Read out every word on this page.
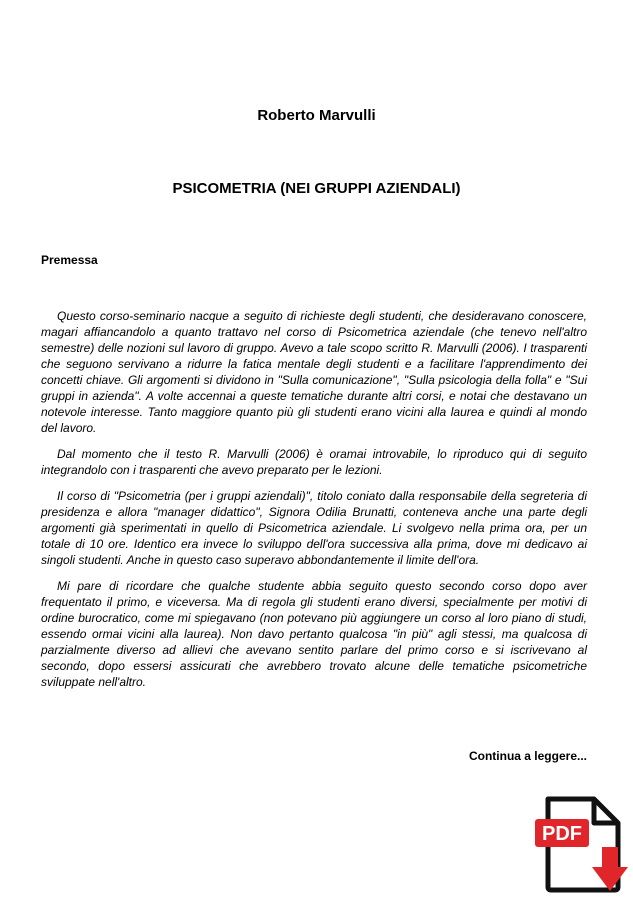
Roberto Marvulli
PSICOMETRIA (NEI GRUPPI AZIENDALI)
Premessa

Questo corso-seminario nacque a seguito di richieste degli studenti, che desideravano conoscere, magari affiancandolo a quanto trattavo nel corso di Psicometrica aziendale (che tenevo nell'altro semestre) delle nozioni sul lavoro di gruppo. Avevo a tale scopo scritto R. Marvulli (2006). I trasparenti che seguono servivano a ridurre la fatica mentale degli studenti e a facilitare l'apprendimento dei concetti chiave. Gli argomenti si dividono in "Sulla comunicazione", "Sulla psicologia della folla" e "Sui gruppi in azienda". A volte accennai a queste tematiche durante altri corsi, e notai che destavano un notevole interesse. Tanto maggiore quanto più gli studenti erano vicini alla laurea e quindi al mondo del lavoro.

Dal momento che il testo R. Marvulli (2006) è oramai introvabile, lo riproduco qui di seguito integrandolo con i trasparenti che avevo preparato per le lezioni.

Il corso di "Psicometria (per i gruppi aziendali)", titolo coniato dalla responsabile della segreteria di presidenza e allora "manager didattico", Signora Odilia Brunatti, conteneva anche una parte degli argomenti già sperimentati in quello di Psicometrica aziendale. Li svolgevo nella prima ora, per un totale di 10 ore. Identico era invece lo sviluppo dell'ora successiva alla prima, dove mi dedicavo ai singoli studenti. Anche in questo caso superavo abbondantemente il limite dell'ora.

Mi pare di ricordare che qualche studente abbia seguito questo secondo corso dopo aver frequentato il primo, e viceversa. Ma di regola gli studenti erano diversi, specialmente per motivi di ordine burocratico, come mi spiegavano (non potevano più aggiungere un corso al loro piano di studi, essendo ormai vicini alla laurea). Non davo pertanto qualcosa "in più" agli stessi, ma qualcosa di parzialmente diverso ad allievi che avevano sentito parlare del primo corso e si iscrivevano al secondo, dopo essersi assicurati che avrebbero trovato alcune delle tematiche psicometriche sviluppate nell'altro.

Continua a leggere...
PDF
